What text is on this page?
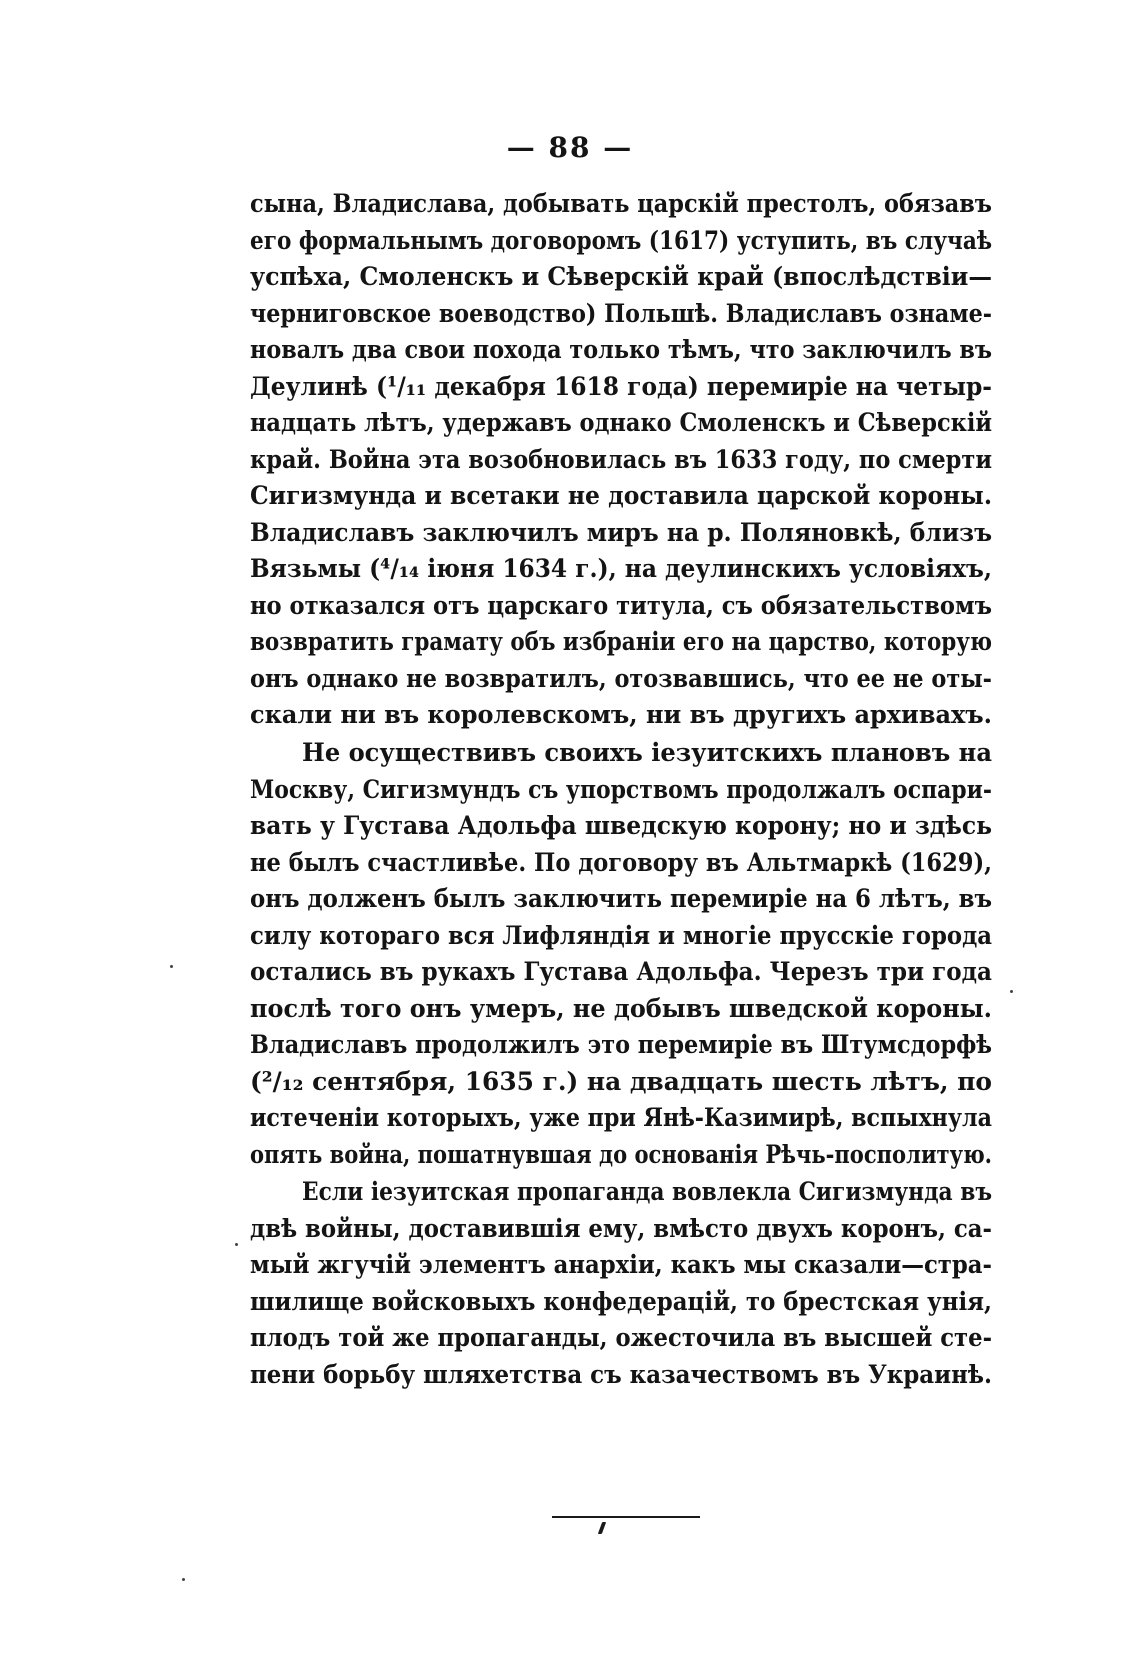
— 88 —
сына, Владислава, добывать царскій престолъ, обязавъ
его формальнымъ договоромъ (1617) уступить, въ случаѣ
успѣха, Смоленскъ и Сѣверскій край (впослѣдствіи—
черниговское воеводство) Польшѣ. Владиславъ ознаме-
новалъ два свои похода только тѣмъ, что заключилъ въ
Деулинѣ (¹/₁₁ декабря 1618 года) перемиріе на четыр-
надцать лѣтъ, удержавъ однако Смоленскъ и Сѣверскій
край. Война эта возобновилась въ 1633 году, по смерти
Сигизмунда и всетаки не доставила царской короны.
Владиславъ заключилъ миръ на р. Поляновкѣ, близъ
Вязьмы (⁴/₁₄ іюня 1634 г.), на деулинскихъ условіяхъ,
но отказался отъ царскаго титула, съ обязательствомъ
возвратить грамату объ избраніи его на царство, которую
онъ однако не возвратилъ, отозвавшись, что ее не оты-
скали ни въ королевскомъ, ни въ другихъ архивахъ.
Не осуществивъ своихъ іезуитскихъ плановъ на
Москву, Сигизмундъ съ упорствомъ продолжалъ оспари-
вать у Густава Адольфа шведскую корону; но и здѣсь
не былъ счастливѣе. По договору въ Альтмаркѣ (1629),
онъ долженъ былъ заключить перемиріе на 6 лѣтъ, въ
силу котораго вся Лифляндія и многіе прусскіе города
остались въ рукахъ Густава Адольфа. Черезъ три года
послѣ того онъ умеръ, не добывъ шведской короны.
Владиславъ продолжилъ это перемиріе въ Штумсдорфѣ
(²/₁₂ сентября, 1635 г.) на двадцать шесть лѣтъ, по
истеченіи которыхъ, уже при Янѣ-Казимирѣ, вспыхнула
опять война, пошатнувшая до основанія Рѣчь-посполитую.
Если іезуитская пропаганда вовлекла Сигизмунда въ
двѣ войны, доставившія ему, вмѣсто двухъ коронъ, са-
мый жгучій элементъ анархіи, какъ мы сказали—стра-
шилище войсковыхъ конфедерацій, то брестская унія,
плодъ той же пропаганды, ожесточила въ высшей сте-
пени борьбу шляхетства съ казачествомъ въ Украинѣ.
